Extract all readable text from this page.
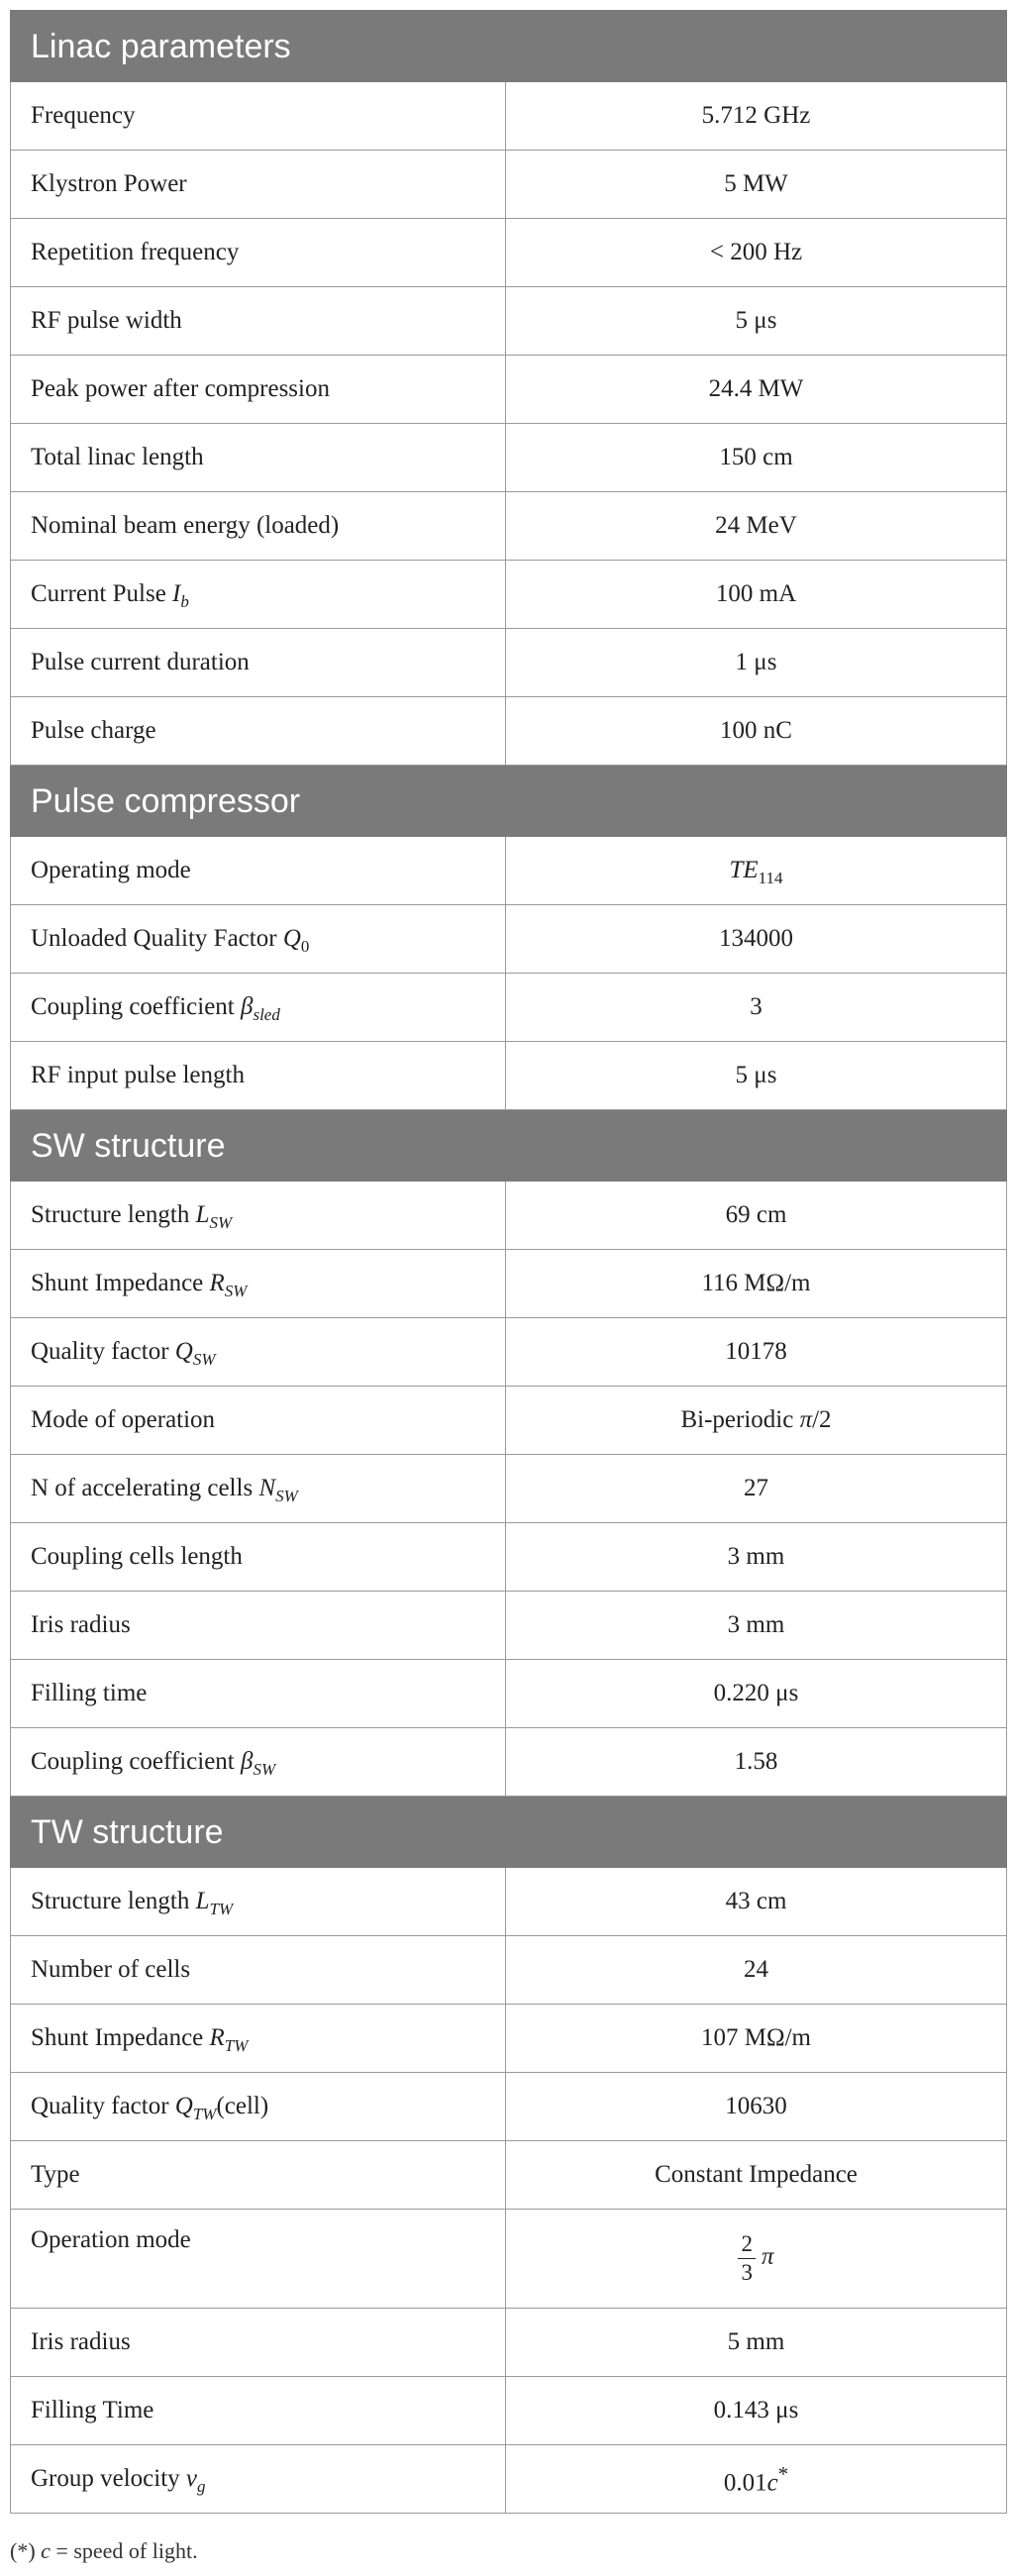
Linac parameters	
Frequency	5.712 GHz
Klystron Power	5 MW
Repetition frequency	< 200 Hz
RF pulse width	5 μs
Peak power after compression	24.4 MW
Total linac length	150 cm
Nominal beam energy (loaded)	24 MeV
Current Pulse $I_b$	100 mA
Pulse current duration	1 μs
Pulse charge	100 nC
Pulse compressor	
Operating mode	$TE_{114}$
Unloaded Quality Factor $Q_0$	134000
Coupling coefficient $\beta_{sled}$	3
RF input pulse length	5 μs
SW structure	
Structure length $L_{SW}$	69 cm
Shunt Impedance $R_{SW}$	116 MΩ/m
Quality factor $Q_{SW}$	10178
Mode of operation	Bi-periodic π/2
N of accelerating cells $N_{SW}$	27
Coupling cells length	3 mm
Iris radius	3 mm
Filling time	0.220 μs
Coupling coefficient $\beta_{SW}$	1.58
TW structure	
Structure length $L_{TW}$	43 cm
Number of cells	24
Shunt Impedance $R_{TW}$	107 MΩ/m
Quality factor $Q_{TW}(cell)$	10630
Type	Constant Impedance
Operation mode	$\frac{2}{3}$ π
Iris radius	5 mm
Filling Time	0.143 μs
Group velocity $v_g$	0.01c*
(*) c = speed of light.
